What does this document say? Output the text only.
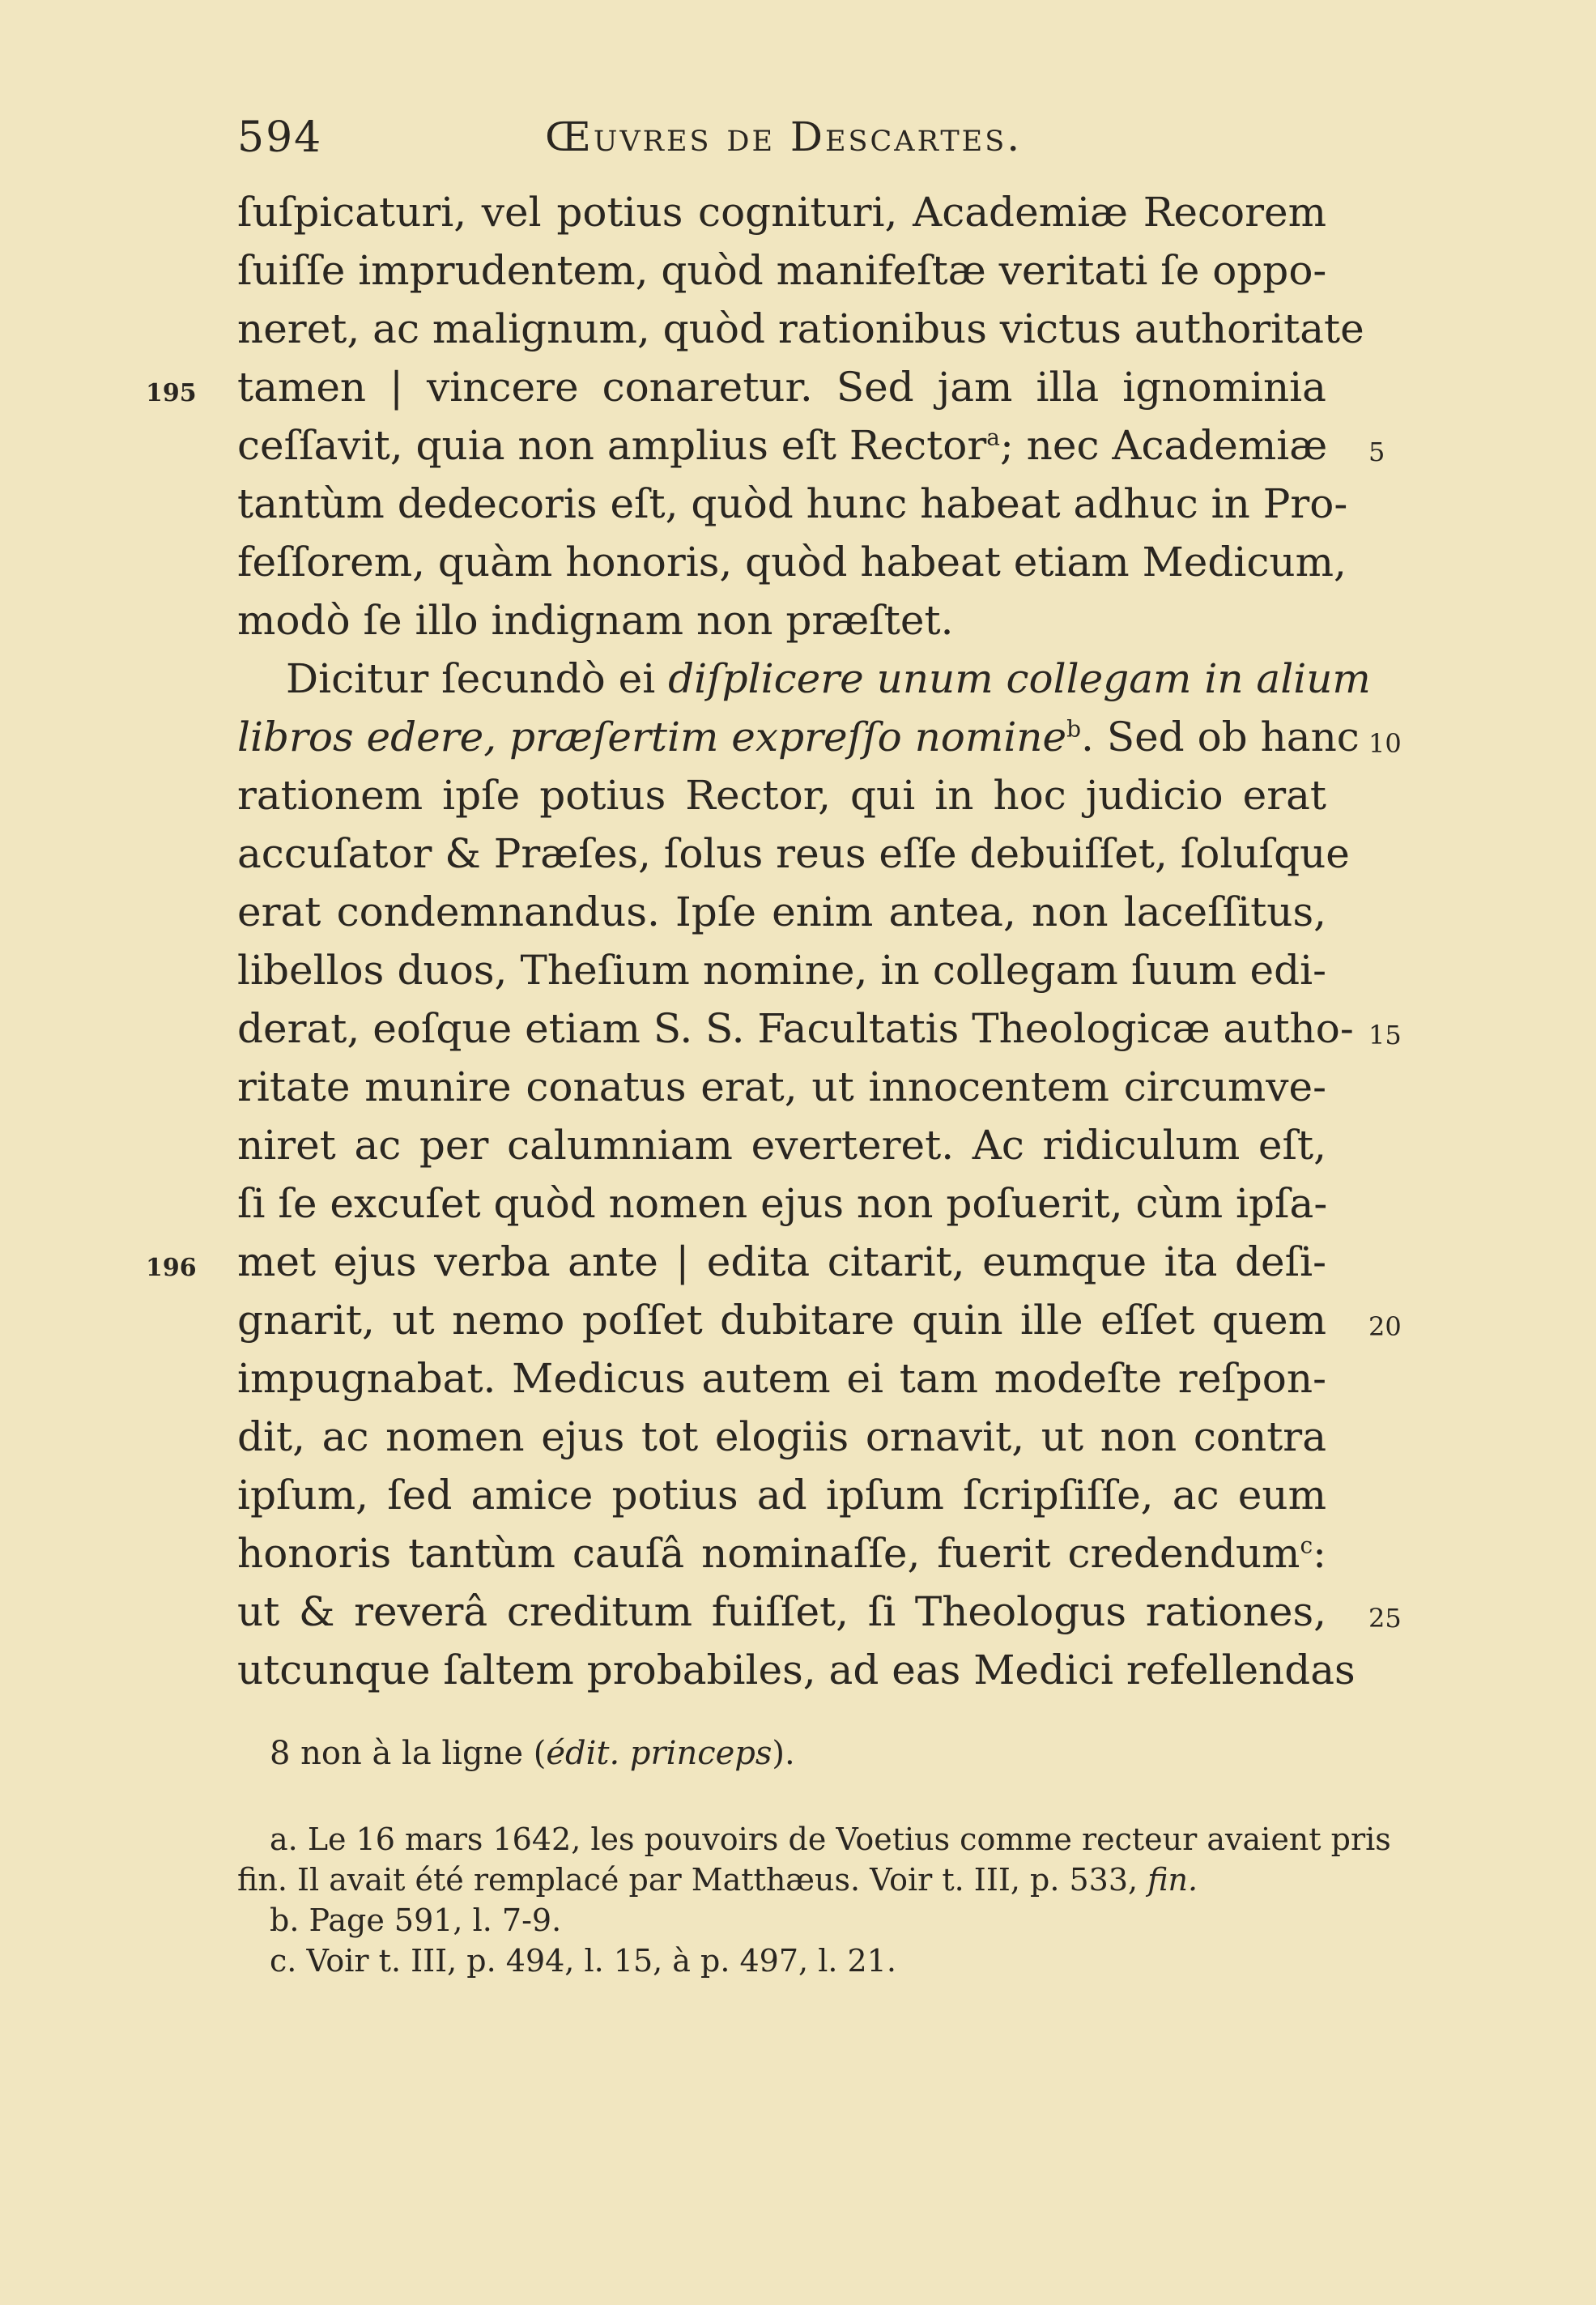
594	Œuvres de Descartes.
195
196
5
10
15
20
25
ſuſpicaturi, vel potius cognituri, Academiæ Recorem
ſuiſſe imprudentem, quòd manifeſtæ veritati ſe oppo-
neret, ac malignum, quòd rationibus victus authoritate
tamen | vincere conaretur. Sed jam illa ignominia
ceſſavit, quia non amplius eſt Rector$^a$; nec Academiæ
tantùm dedecoris eſt, quòd hunc habeat adhuc in Pro-
feſſorem, quàm honoris, quòd habeat etiam Medicum,
modò ſe illo indignam non præſtet.
Dicitur ſecundò ei diſplicere unum collegam in alium
libros edere, præſertim expreſſo nomine$^b$. Sed ob hanc
rationem ipſe potius Rector, qui in hoc judicio erat
accuſator & Præſes, ſolus reus eſſe debuiſſet, ſoluſque
erat condemnandus. Ipſe enim antea, non laceſſitus,
libellos duos, Theſium nomine, in collegam ſuum edi-
derat, eoſque etiam S. S. Facultatis Theologicæ autho-
ritate munire conatus erat, ut innocentem circumve-
niret ac per calumniam everteret. Ac ridiculum eſt,
ſi ſe excuſet quòd nomen ejus non poſuerit, cùm ipſa-
met ejus verba ante | edita citarit, eumque ita deſi-
gnarit, ut nemo poſſet dubitare quin ille eſſet quem
impugnabat. Medicus autem ei tam modeſte reſpon-
dit, ac nomen ejus tot elogiis ornavit, ut non contra
ipſum, ſed amice potius ad ipſum ſcripſiſſe, ac eum
honoris tantùm cauſâ nominaſſe, fuerit credendum$^c$:
ut & reverâ creditum fuiſſet, ſi Theologus rationes,
utcunque ſaltem probabiles, ad eas Medici refellendas
8 non à la ligne (édit. princeps).
a. Le 16 mars 1642, les pouvoirs de Voetius comme recteur avaient pris
fin. Il avait été remplacé par Matthæus. Voir t. III, p. 533, fin.
b. Page 591, l. 7-9.
c. Voir t. III, p. 494, l. 15, à p. 497, l. 21.
